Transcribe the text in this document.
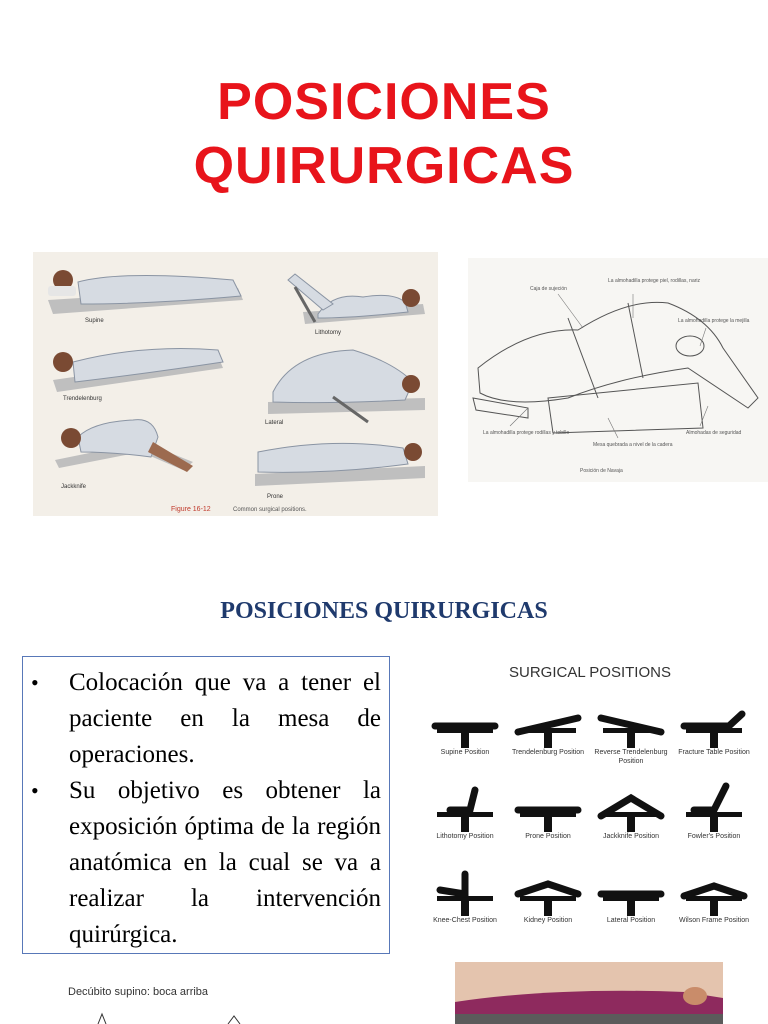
POSICIONES
QUIRURGICAS
Supine
Lithotomy
Trendelenburg
Lateral
Jackknife
Prone
Figure 16-12	Common surgical positions.
Caja de sujeción
La almohadilla protege piel, rodillas, nariz
La almohadilla protege la mejilla
La almohadilla protege rodillas y tobillo
Mesa quebrada a nivel de la cadera
Almohadas de seguridad
Posición de Navaja
POSICIONES QUIRURGICAS
•	Colocación que va a tener el paciente en la mesa de operaciones.
•	Su objetivo es obtener la exposición óptima de la región anatómica en la cual se va a realizar la intervención quirúrgica.
SURGICAL POSITIONS
Supine Position	Trendelenburg Position	Reverse Trendelenburg Position
Fracture Table Position
Lithotomy Position	Prone Position	Jackknife Position	Fowler's Position
Knee-Chest Position	Kidney Position	Lateral Position	Wilson Frame Position
Decúbito supino: boca arriba
